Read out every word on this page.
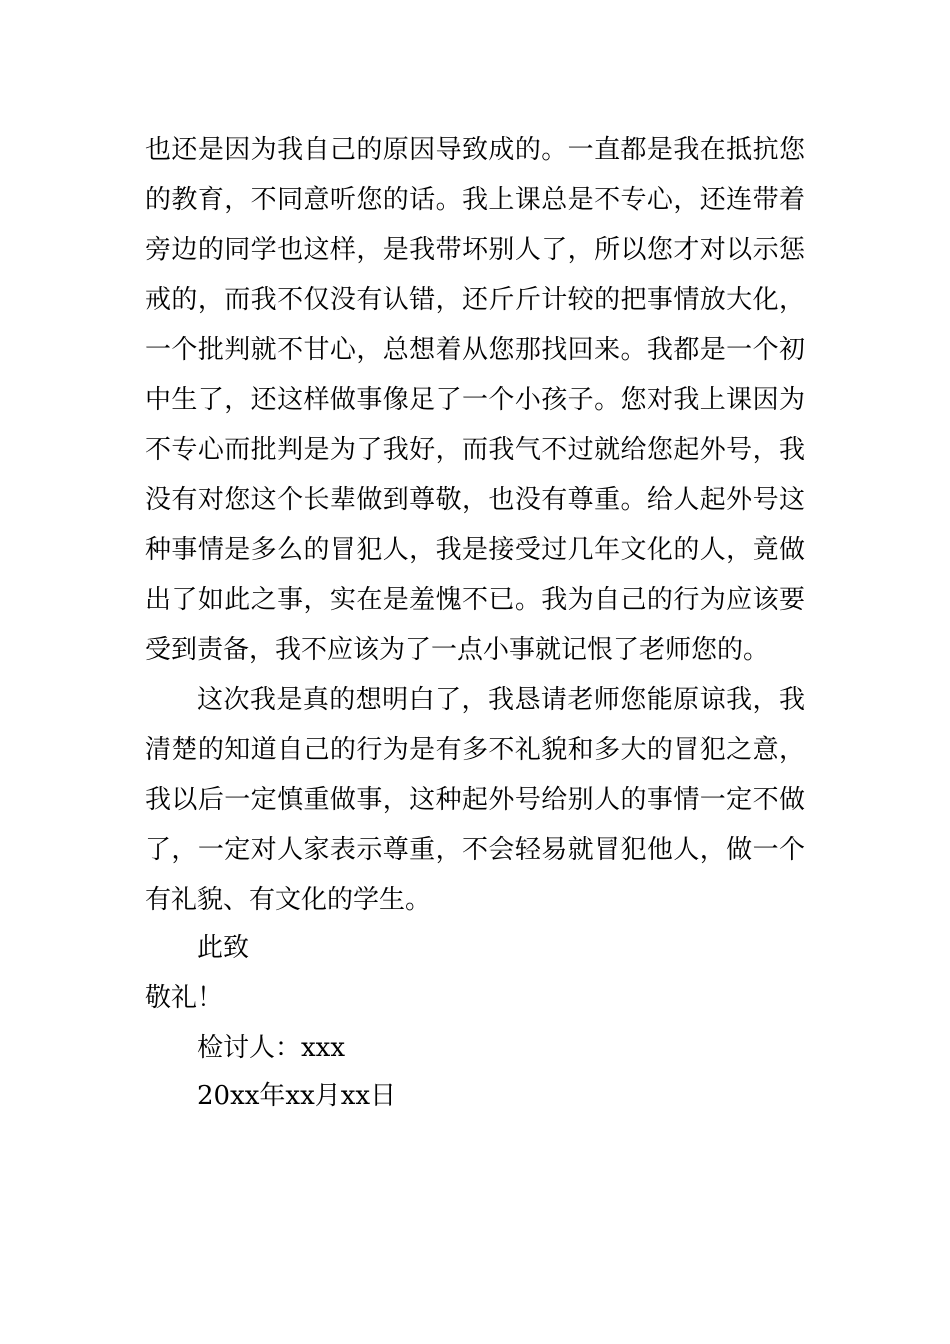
也还是因为我自己的原因导致成的。一直都是我在抵抗您
的教育，不同意听您的话。我上课总是不专心，还连带着
旁边的同学也这样，是我带坏别人了，所以您才对以示惩
戒的，而我不仅没有认错，还斤斤计较的把事情放大化，
一个批判就不甘心，总想着从您那找回来。我都是一个初
中生了，还这样做事像足了一个小孩子。您对我上课因为
不专心而批判是为了我好，而我气不过就给您起外号，我
没有对您这个长辈做到尊敬，也没有尊重。给人起外号这
种事情是多么的冒犯人，我是接受过几年文化的人，竟做
出了如此之事，实在是羞愧不已。我为自己的行为应该要
受到责备，我不应该为了一点小事就记恨了老师您的。
这次我是真的想明白了，我恳请老师您能原谅我，我
清楚的知道自己的行为是有多不礼貌和多大的冒犯之意，
我以后一定慎重做事，这种起外号给别人的事情一定不做
了，一定对人家表示尊重，不会轻易就冒犯他人，做一个
有礼貌、有文化的学生。
此致
敬礼！
检讨人：xxx
20xx年xx月xx日
